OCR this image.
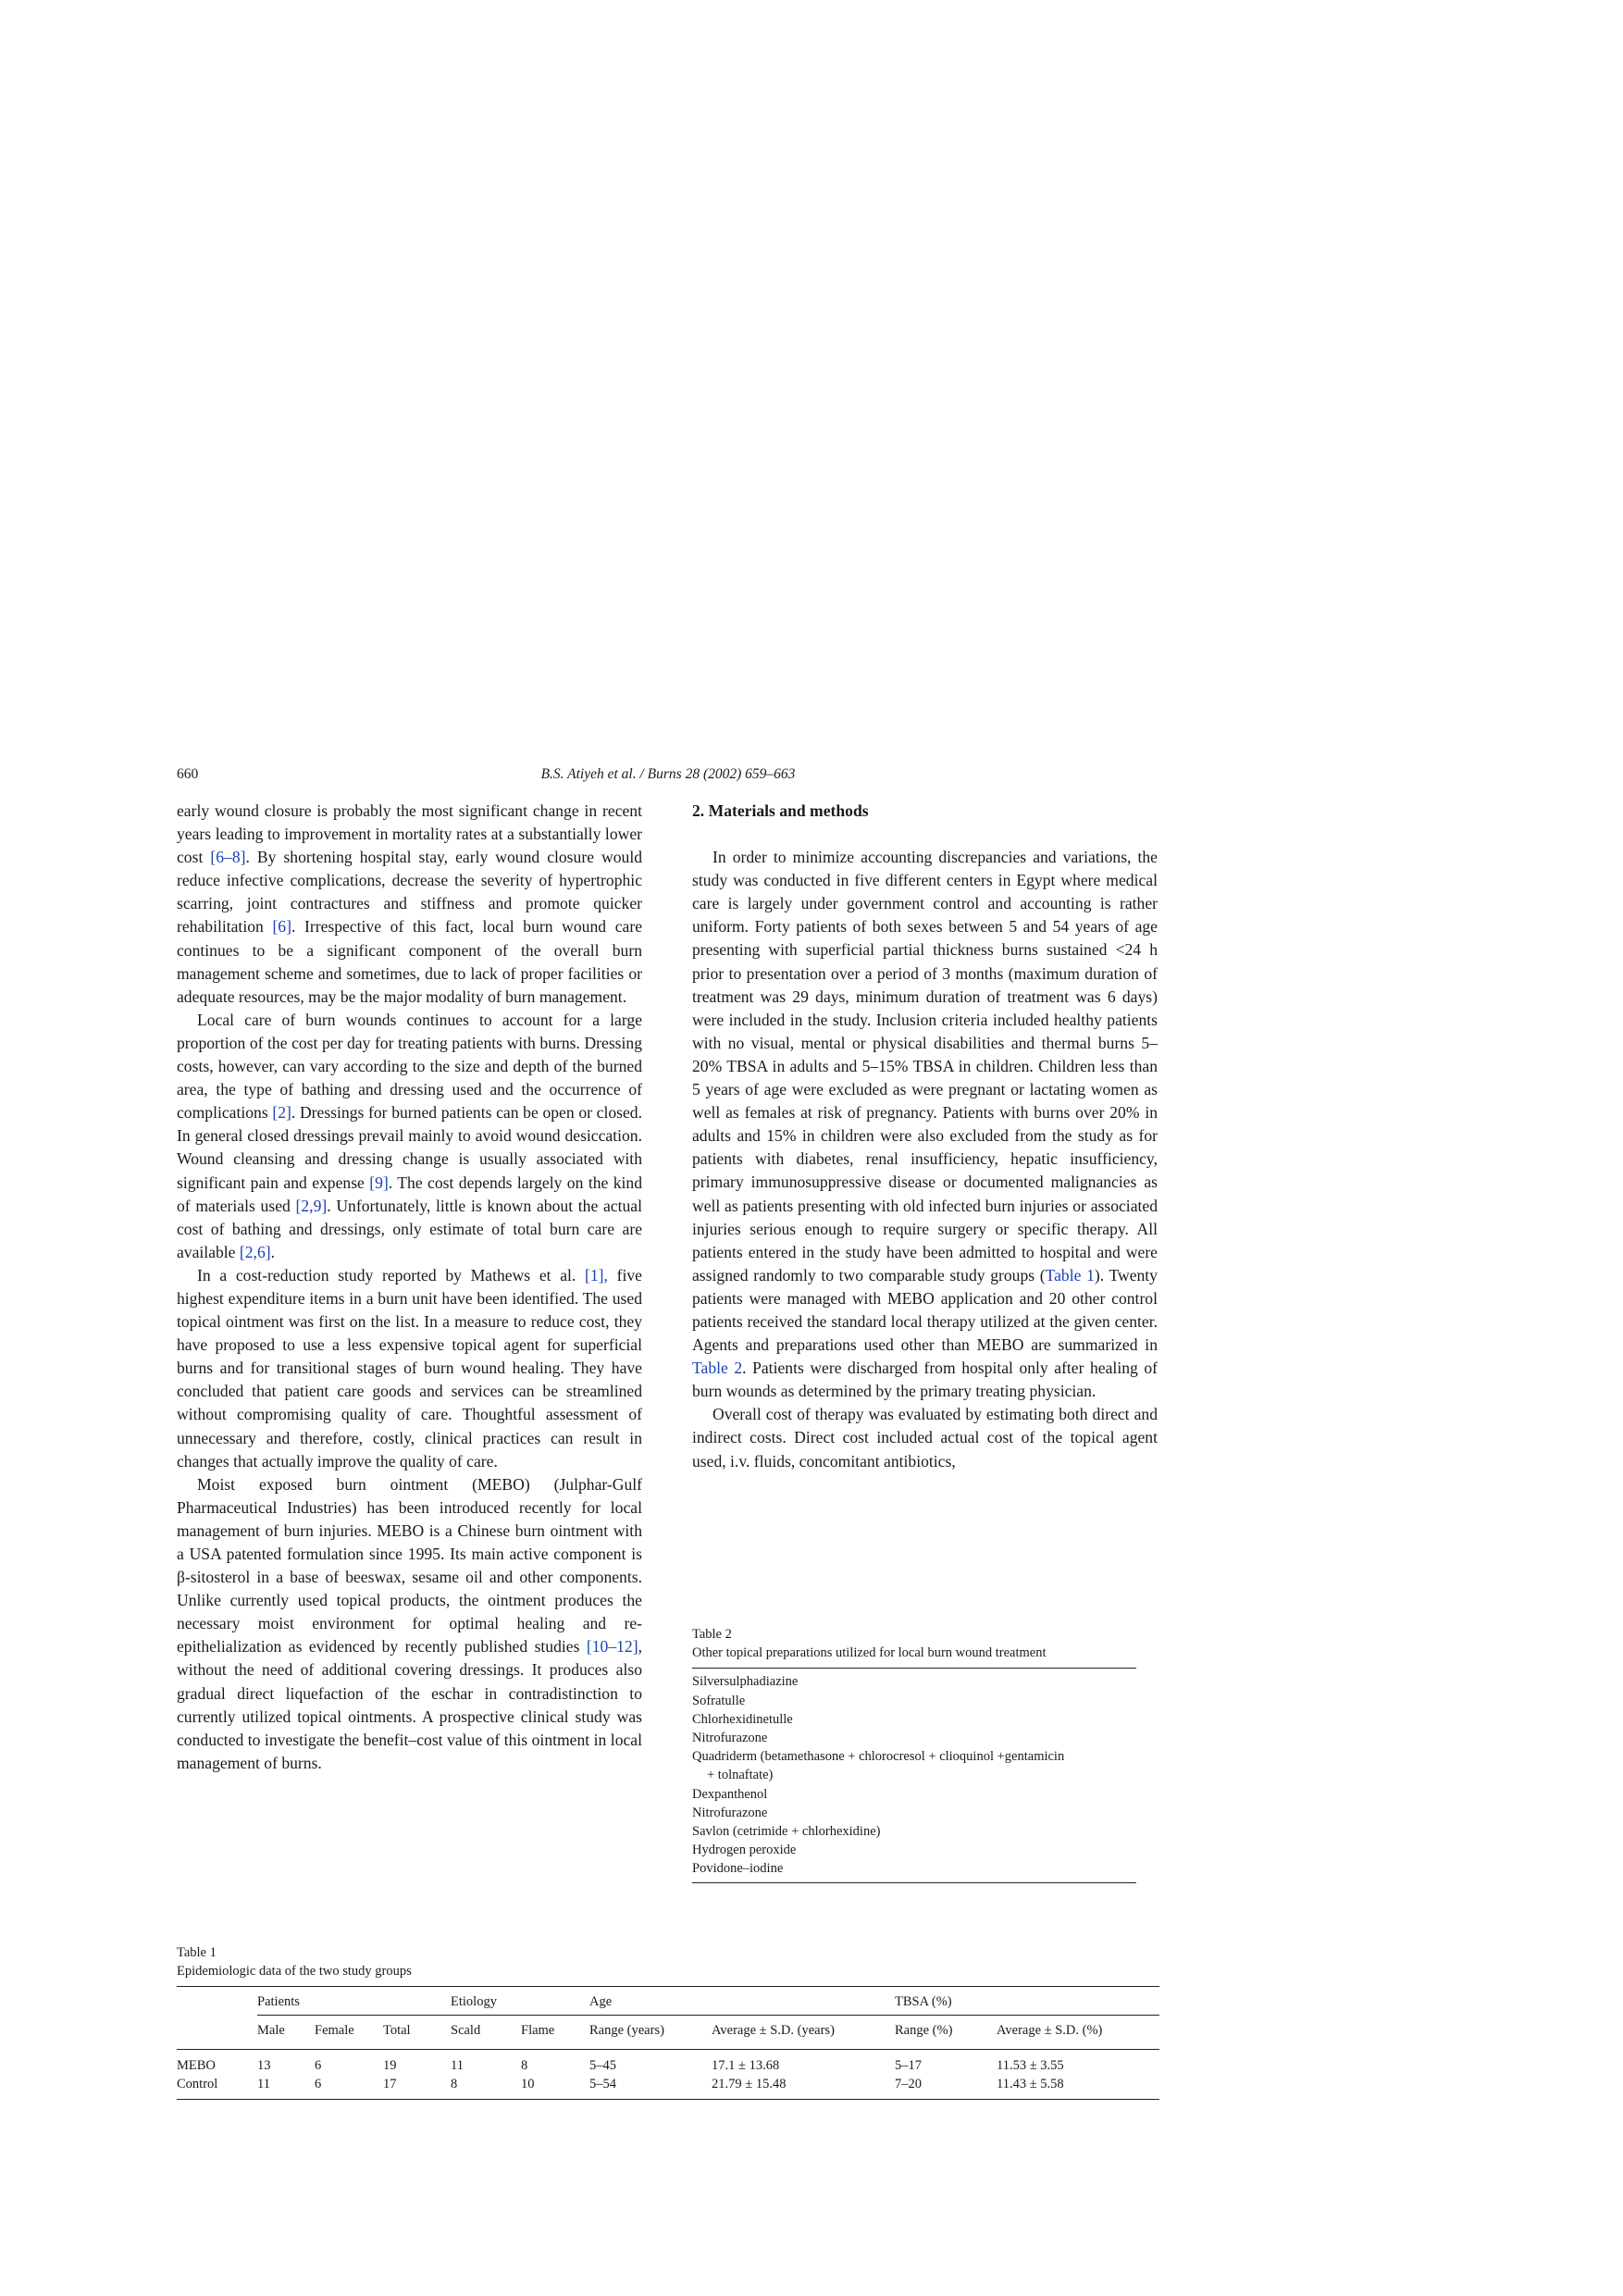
660	B.S. Atiyeh et al. / Burns 28 (2002) 659–663

early wound closure is probably the most significant change in recent years leading to improvement in mortality rates at a substantially lower cost [6–8]. By shortening hospital stay, early wound closure would reduce infective complications, decrease the severity of hypertrophic scarring, joint contractures and stiffness and promote quicker rehabilitation [6]. Irrespective of this fact, local burn wound care continues to be a significant component of the overall burn management scheme and sometimes, due to lack of proper facilities or adequate resources, may be the major modality of burn management.

Local care of burn wounds continues to account for a large proportion of the cost per day for treating patients with burns. Dressing costs, however, can vary according to the size and depth of the burned area, the type of bathing and dressing used and the occurrence of complications [2]. Dressings for burned patients can be open or closed. In general closed dressings prevail mainly to avoid wound desiccation. Wound cleansing and dressing change is usually associated with significant pain and expense [9]. The cost depends largely on the kind of materials used [2,9]. Unfortunately, little is known about the actual cost of bathing and dressings, only estimate of total burn care are available [2,6].

In a cost-reduction study reported by Mathews et al. [1], five highest expenditure items in a burn unit have been identified. The used topical ointment was first on the list. In a measure to reduce cost, they have proposed to use a less expensive topical agent for superficial burns and for transitional stages of burn wound healing. They have concluded that patient care goods and services can be streamlined without compromising quality of care. Thoughtful assessment of unnecessary and therefore, costly, clinical practices can result in changes that actually improve the quality of care.

Moist exposed burn ointment (MEBO) (Julphar-Gulf Pharmaceutical Industries) has been introduced recently for local management of burn injuries. MEBO is a Chinese burn ointment with a USA patented formulation since 1995. Its main active component is β-sitosterol in a base of beeswax, sesame oil and other components. Unlike currently used topical products, the ointment produces the necessary moist environment for optimal healing and re-epithelialization as evidenced by recently published studies [10–12], without the need of additional covering dressings. It produces also gradual direct liquefaction of the eschar in contradistinction to currently utilized topical ointments. A prospective clinical study was conducted to investigate the benefit–cost value of this ointment in local management of burns.

2. Materials and methods

In order to minimize accounting discrepancies and variations, the study was conducted in five different centers in Egypt where medical care is largely under government control and accounting is rather uniform. Forty patients of both sexes between 5 and 54 years of age presenting with superficial partial thickness burns sustained <24 h prior to presentation over a period of 3 months (maximum duration of treatment was 29 days, minimum duration of treatment was 6 days) were included in the study. Inclusion criteria included healthy patients with no visual, mental or physical disabilities and thermal burns 5–20% TBSA in adults and 5–15% TBSA in children. Children less than 5 years of age were excluded as were pregnant or lactating women as well as females at risk of pregnancy. Patients with burns over 20% in adults and 15% in children were also excluded from the study as for patients with diabetes, renal insufficiency, hepatic insufficiency, primary immunosuppressive disease or documented malignancies as well as patients presenting with old infected burn injuries or associated injuries serious enough to require surgery or specific therapy. All patients entered in the study have been admitted to hospital and were assigned randomly to two comparable study groups (Table 1). Twenty patients were managed with MEBO application and 20 other control patients received the standard local therapy utilized at the given center. Agents and preparations used other than MEBO are summarized in Table 2. Patients were discharged from hospital only after healing of burn wounds as determined by the primary treating physician.

Overall cost of therapy was evaluated by estimating both direct and indirect costs. Direct cost included actual cost of the topical agent used, i.v. fluids, concomitant antibiotics,

Table 2
Other topical preparations utilized for local burn wound treatment
Silversulphadiazine
Sofratulle
Chlorhexidinetulle
Nitrofurazone
Quadriderm (betamethasone + chlorocresol + clioquinol +gentamicin
+ tolnaftate)
Dexpanthenol
Nitrofurazone
Savlon (cetrimide + chlorhexidine)
Hydrogen peroxide
Povidone–iodine
Table 1
Epidemiologic data of the two study groups
	Patients			Etiology		Age		TBSA (%)	
	Male	Female	Total	Scald	Flame	Range (years)	Average ± S.D. (years)	Range (%)	Average ± S.D. (%)
MEBO	13	6	19	11	8	5–45	17.1 ± 13.68	5–17	11.53 ± 3.55
Control	11	6	17	8	10	5–54	21.79 ± 15.48	7–20	11.43 ± 5.58
